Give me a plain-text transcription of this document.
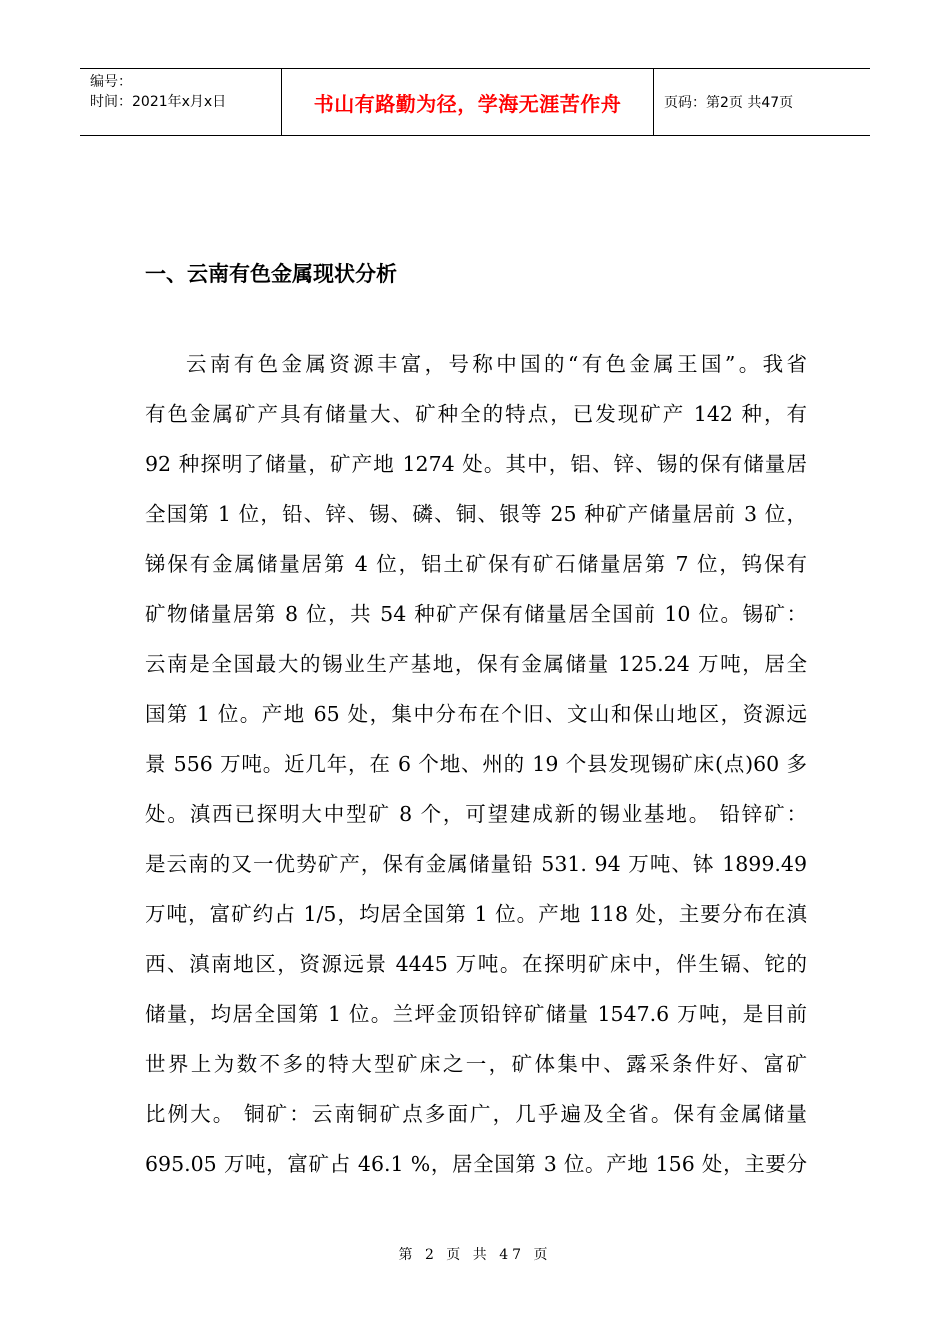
编号：
时间：2021年x月x日	书山有路勤为径，学海无涯苦作舟	页码：第2页 共47页
一、云南有色金属现状分析

云南有色金属资源丰富，号称中国的“有色金属王国”。我省

有色金属矿产具有储量大、矿种全的特点，已发现矿产 142 种，有

92 种探明了储量，矿产地 1274 处。其中，铝、锌、锡的保有储量居

全国第 1 位，铅、锌、锡、磷、铜、银等 25 种矿产储量居前 3 位，

锑保有金属储量居第 4 位，铝土矿保有矿石储量居第 7 位，钨保有

矿物储量居第 8 位，共 54 种矿产保有储量居全国前 10 位。锡矿：

云南是全国最大的锡业生产基地，保有金属储量 125.24 万吨，居全

国第 1 位。产地 65 处，集中分布在个旧、文山和保山地区，资源远

景 556 万吨。近几年，在 6 个地、州的 19 个县发现锡矿床(点)60 多

处。滇西已探明大中型矿 8 个，可望建成新的锡业基地。 铅锌矿：

是云南的又一优势矿产，保有金属储量铅 531. 94 万吨、钵 1899.49

万吨，富矿约占 1/5，均居全国第 1 位。产地 118 处，主要分布在滇

西、滇南地区，资源远景 4445 万吨。在探明矿床中，伴生镉、铊的

储量，均居全国第 1 位。兰坪金顶铅锌矿储量 1547.6 万吨，是目前

世界上为数不多的特大型矿床之一，矿体集中、露采条件好、富矿

比例大。 铜矿：云南铜矿点多面广，几乎遍及全省。保有金属储量

695.05 万吨，富矿占 46.1 %，居全国第 3 位。产地 156 处，主要分

第 2 页 共 47 页
